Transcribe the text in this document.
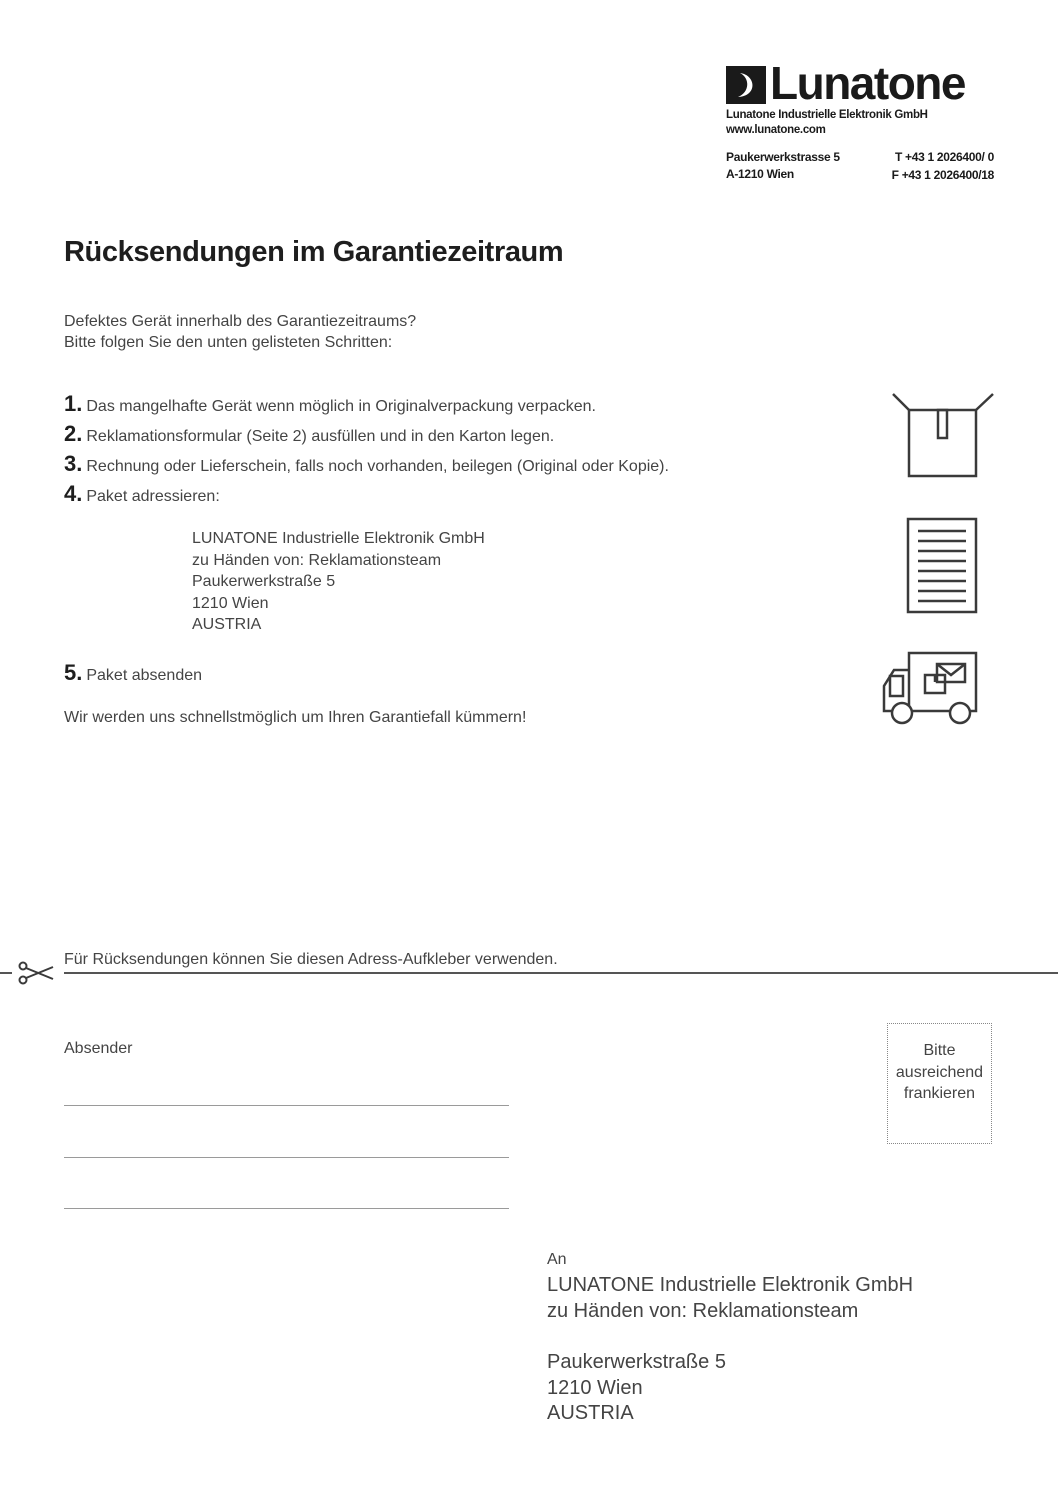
Lunatone
Lunatone Industrielle Elektronik GmbH
www.lunatone.com
Paukerwerkstrasse 5
A-1210 Wien
T +43 1 2026400/ 0
F +43 1 2026400/18
Rücksendungen im Garantiezeitraum
Defektes Gerät innerhalb des Garantiezeitraums?
Bitte folgen Sie den unten gelisteten Schritten:
1. Das mangelhafte Gerät wenn möglich in Originalverpackung verpacken.
2. Reklamationsformular (Seite 2) ausfüllen und in den Karton legen.
3. Rechnung oder Lieferschein, falls noch vorhanden, beilegen (Original oder Kopie).
4. Paket adressieren:
LUNATONE Industrielle Elektronik GmbH
zu Händen von: Reklamationsteam
Paukerwerkstraße 5
1210 Wien
AUSTRIA
5. Paket absenden
Wir werden uns schnellstmöglich um Ihren Garantiefall kümmern!
Für Rücksendungen können Sie diesen Adress-Aufkleber verwenden.
Absender	Bitte
ausreichend
frankieren
An
LUNATONE Industrielle Elektronik GmbH
zu Händen von: Reklamationsteam
Paukerwerkstraße 5
1210 Wien
AUSTRIA
